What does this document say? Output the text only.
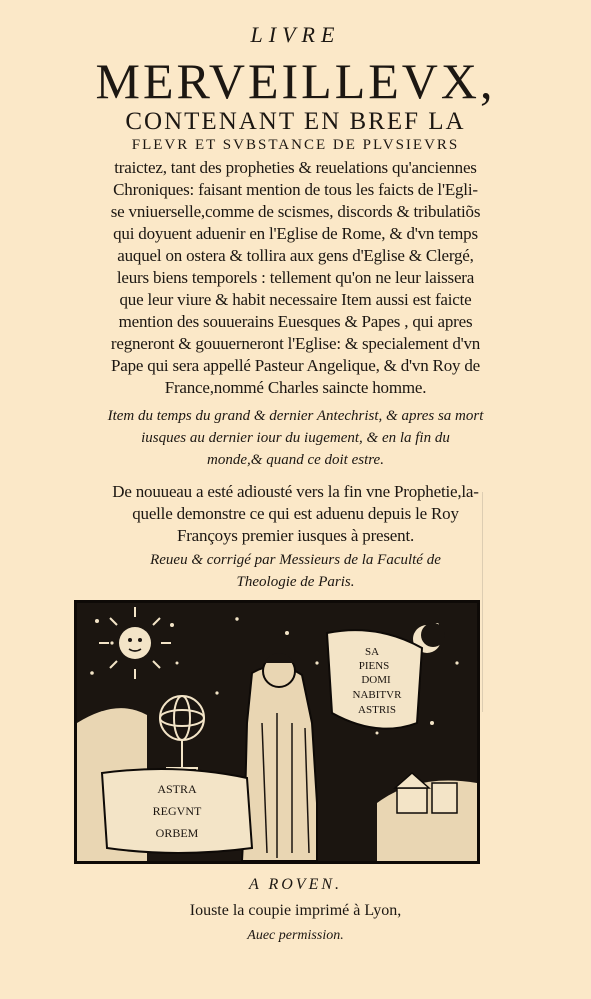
LIVRE
MERVEILLEVX,
CONTENANT EN BREF LA
FLEVR ET SVBSTANCE DE PLVSIEVRS
traictez, tant des propheties & reuelations qu'anciennes
Chroniques: faisant mention de tous les faicts de l'Egli-
se vniuerselle,comme de scismes, discords & tribulatiõs
qui doyuent aduenir en l'Eglise de Rome, & d'vn temps
auquel on ostera & tollira aux gens d'Eglise & Clergé,
leurs biens temporels : tellement qu'on ne leur laissera
que leur viure & habit necessaire Item aussi est faicte
mention des souuerains Euesques & Papes , qui apres
regneront & gouuerneront l'Eglise: & specialement d'vn
Pape qui sera appellé Pasteur Angelique, & d'vn Roy de
France,nommé Charles saincte homme.
Item du temps du grand & dernier Antechrist, & apres sa mort
iusques au dernier iour du iugement, & en la fin du
monde,& quand ce doit estre.
De nouueau a esté adiousté vers la fin vne Prophetie,la-
quelle demonstre ce qui est aduenu depuis le Roy
Françoys premier iusques à present.
Reueu & corrigé par Messieurs de la Faculté de
Theologie de Paris.
SA
PIENS
DOMI
NABITVR
ASTRIS
ASTRA
REGVNT
ORBEM
A ROVEN.
Iouste la coupie imprimé à Lyon,
Auec permission.
